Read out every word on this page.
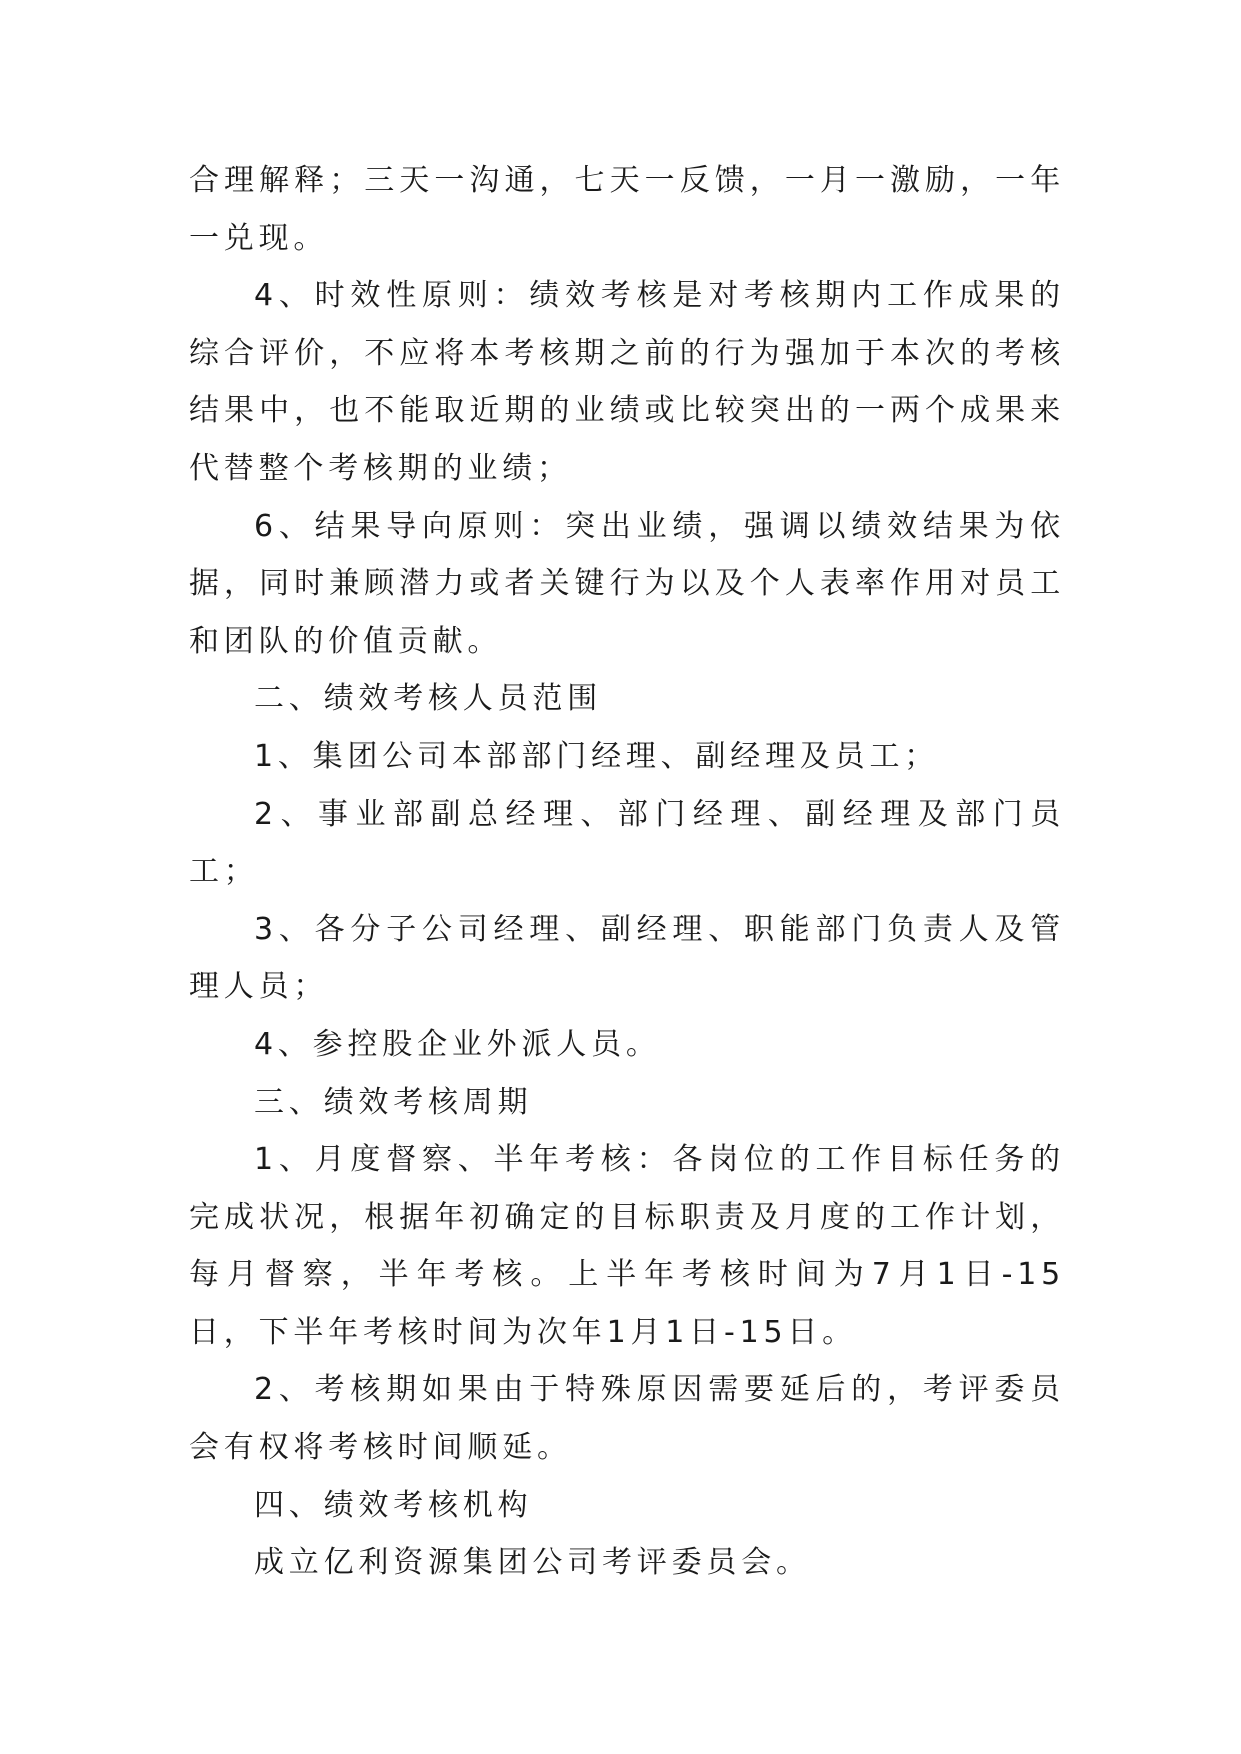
合理解释；三天一沟通，七天一反馈，一月一激励，一年一兑现。

4、时效性原则：绩效考核是对考核期内工作成果的综合评价，不应将本考核期之前的行为强加于本次的考核结果中，也不能取近期的业绩或比较突出的一两个成果来代替整个考核期的业绩；

6、结果导向原则：突出业绩，强调以绩效结果为依据，同时兼顾潜力或者关键行为以及个人表率作用对员工和团队的价值贡献。

二、绩效考核人员范围

1、集团公司本部部门经理、副经理及员工；

2、事业部副总经理、部门经理、副经理及部门员工；

3、各分子公司经理、副经理、职能部门负责人及管理人员；

4、参控股企业外派人员。

三、绩效考核周期

1、月度督察、半年考核：各岗位的工作目标任务的完成状况，根据年初确定的目标职责及月度的工作计划，每月督察，半年考核。上半年考核时间为7月1日-15日，下半年考核时间为次年1月1日-15日。

2、考核期如果由于特殊原因需要延后的，考评委员会有权将考核时间顺延。

四、绩效考核机构

成立亿利资源集团公司考评委员会。
